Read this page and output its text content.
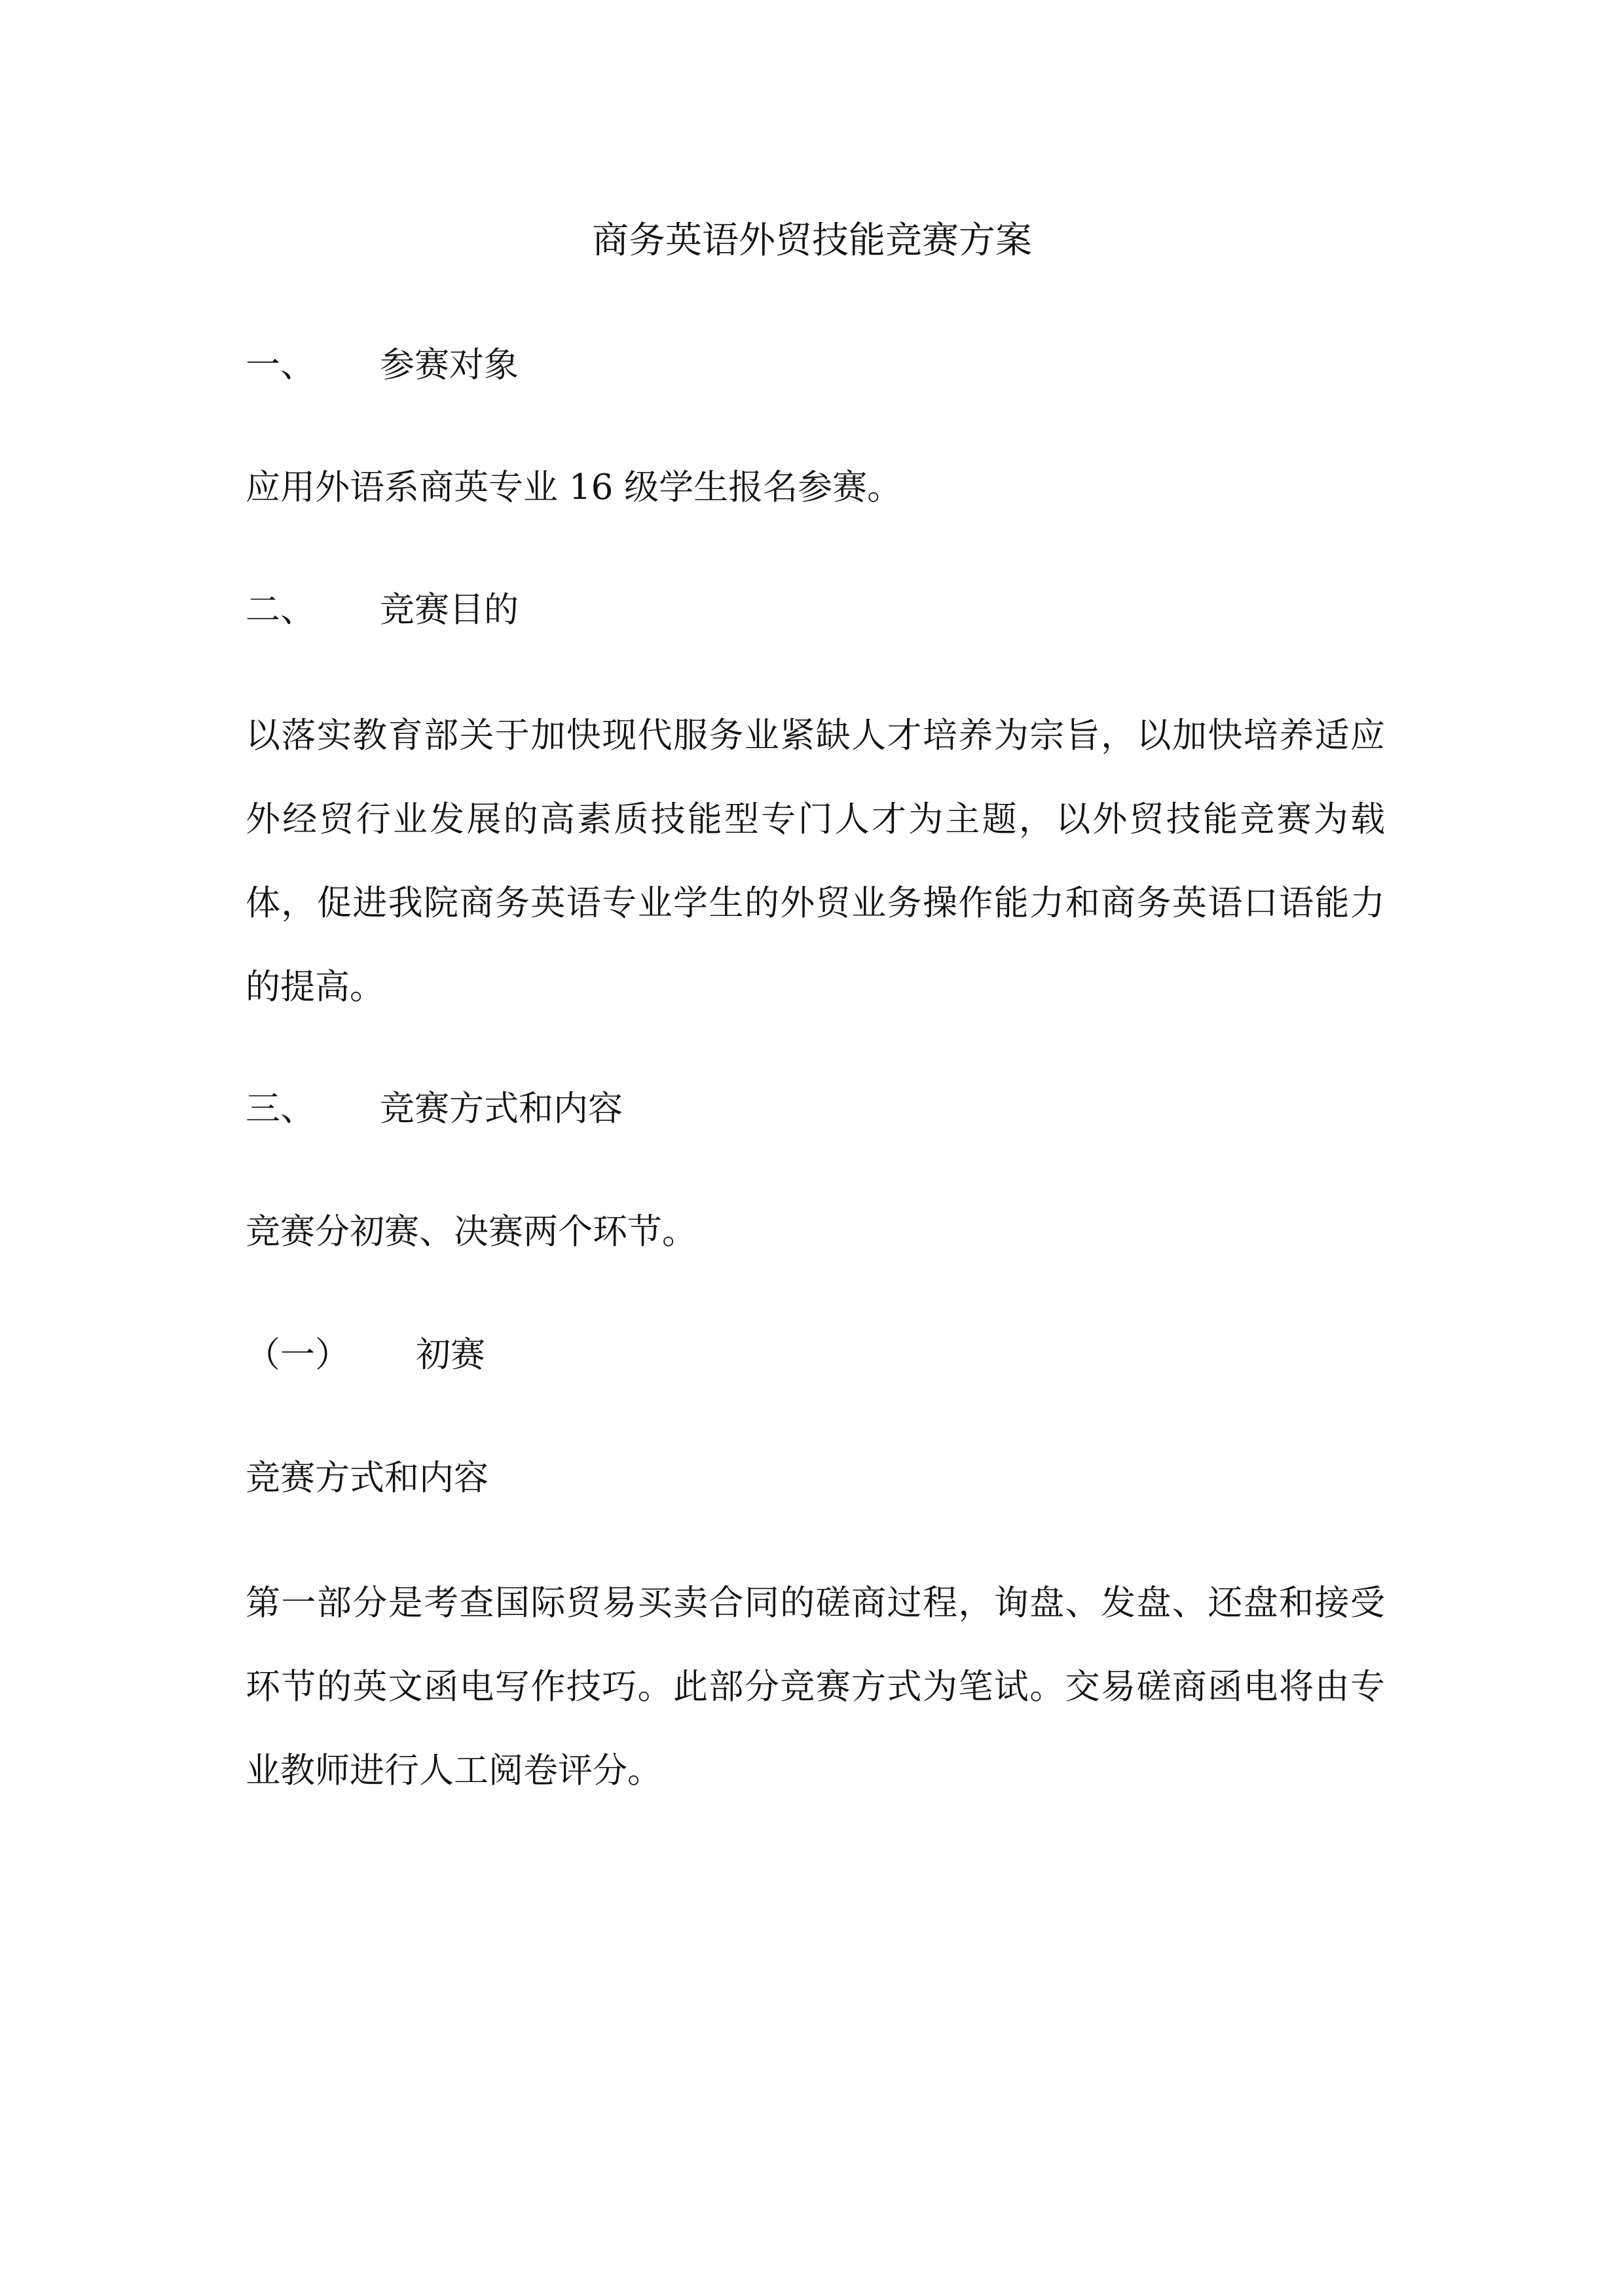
商务英语外贸技能竞赛方案
一、 参赛对象
应用外语系商英专业 16 级学生报名参赛。
二、 竞赛目的
以落实教育部关于加快现代服务业紧缺人才培养为宗旨，以加快培养适应外经贸行业发展的高素质技能型专门人才为主题，以外贸技能竞赛为载体，促进我院商务英语专业学生的外贸业务操作能力和商务英语口语能力的提高。
三、 竞赛方式和内容
竞赛分初赛、决赛两个环节。
（一） 初赛
竞赛方式和内容
第一部分是考查国际贸易买卖合同的磋商过程，询盘、发盘、还盘和接受环节的英文函电写作技巧。此部分竞赛方式为笔试。交易磋商函电将由专业教师进行人工阅卷评分。
